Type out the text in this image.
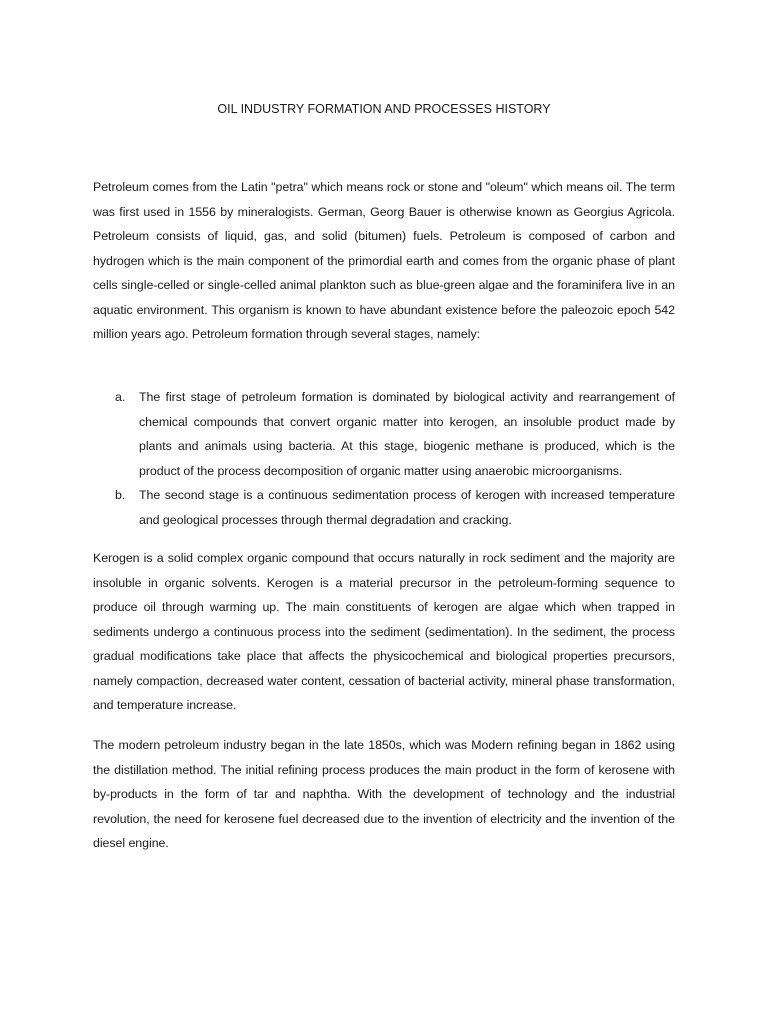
OIL INDUSTRY FORMATION AND PROCESSES HISTORY

Petroleum comes from the Latin "petra" which means rock or stone and "oleum" which means oil. The term was first used in 1556 by mineralogists. German, Georg Bauer is otherwise known as Georgius Agricola. Petroleum consists of liquid, gas, and solid (bitumen) fuels. Petroleum is composed of carbon and hydrogen which is the main component of the primordial earth and comes from the organic phase of plant cells single-celled or single-celled animal plankton such as blue-green algae and the foraminifera live in an aquatic environment. This organism is known to have abundant existence before the paleozoic epoch 542 million years ago. Petroleum formation through several stages, namely:

a. The first stage of petroleum formation is dominated by biological activity and rearrangement of chemical compounds that convert organic matter into kerogen, an insoluble product made by plants and animals using bacteria. At this stage, biogenic methane is produced, which is the product of the process decomposition of organic matter using anaerobic microorganisms.
b. The second stage is a continuous sedimentation process of kerogen with increased temperature and geological processes through thermal degradation and cracking.

Kerogen is a solid complex organic compound that occurs naturally in rock sediment and the majority are insoluble in organic solvents. Kerogen is a material precursor in the petroleum-forming sequence to produce oil through warming up. The main constituents of kerogen are algae which when trapped in sediments undergo a continuous process into the sediment (sedimentation). In the sediment, the process gradual modifications take place that affects the physicochemical and biological properties precursors, namely compaction, decreased water content, cessation of bacterial activity, mineral phase transformation, and temperature increase.

The modern petroleum industry began in the late 1850s, which was Modern refining began in 1862 using the distillation method. The initial refining process produces the main product in the form of kerosene with by-products in the form of tar and naphtha. With the development of technology and the industrial revolution, the need for kerosene fuel decreased due to the invention of electricity and the invention of the diesel engine.
